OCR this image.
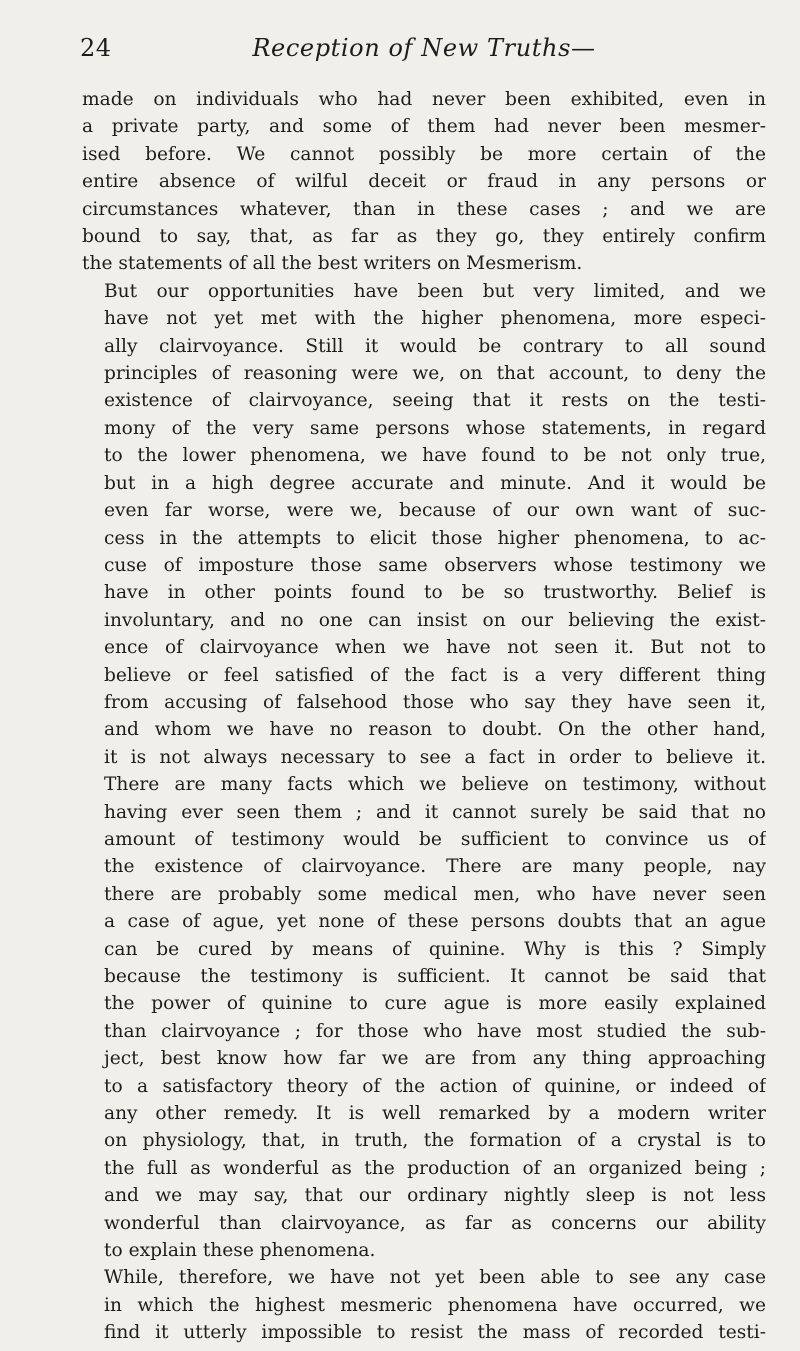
24	Reception of New Truths—

made on individuals who had never been exhibited, even in
a private party, and some of them had never been mesmer-
ised before. We cannot possibly be more certain of the
entire absence of wilful deceit or fraud in any persons or
circumstances whatever, than in these cases ; and we are
bound to say, that, as far as they go, they entirely confirm
the statements of all the best writers on Mesmerism.

But our opportunities have been but very limited, and we
have not yet met with the higher phenomena, more especi-
ally clairvoyance. Still it would be contrary to all sound
principles of reasoning were we, on that account, to deny the
existence of clairvoyance, seeing that it rests on the testi-
mony of the very same persons whose statements, in regard
to the lower phenomena, we have found to be not only true,
but in a high degree accurate and minute. And it would be
even far worse, were we, because of our own want of suc-
cess in the attempts to elicit those higher phenomena, to ac-
cuse of imposture those same observers whose testimony we
have in other points found to be so trustworthy. Belief is
involuntary, and no one can insist on our believing the exist-
ence of clairvoyance when we have not seen it. But not to
believe or feel satisfied of the fact is a very different thing
from accusing of falsehood those who say they have seen it,
and whom we have no reason to doubt. On the other hand,
it is not always necessary to see a fact in order to believe it.
There are many facts which we believe on testimony, without
having ever seen them ; and it cannot surely be said that no
amount of testimony would be sufficient to convince us of
the existence of clairvoyance. There are many people, nay
there are probably some medical men, who have never seen
a case of ague, yet none of these persons doubts that an ague
can be cured by means of quinine. Why is this ? Simply
because the testimony is sufficient. It cannot be said that
the power of quinine to cure ague is more easily explained
than clairvoyance ; for those who have most studied the sub-
ject, best know how far we are from any thing approaching
to a satisfactory theory of the action of quinine, or indeed of
any other remedy. It is well remarked by a modern writer
on physiology, that, in truth, the formation of a crystal is to
the full as wonderful as the production of an organized being ;
and we may say, that our ordinary nightly sleep is not less
wonderful than clairvoyance, as far as concerns our ability
to explain these phenomena.

While, therefore, we have not yet been able to see any case
in which the highest mesmeric phenomena have occurred, we
find it utterly impossible to resist the mass of recorded testi-
